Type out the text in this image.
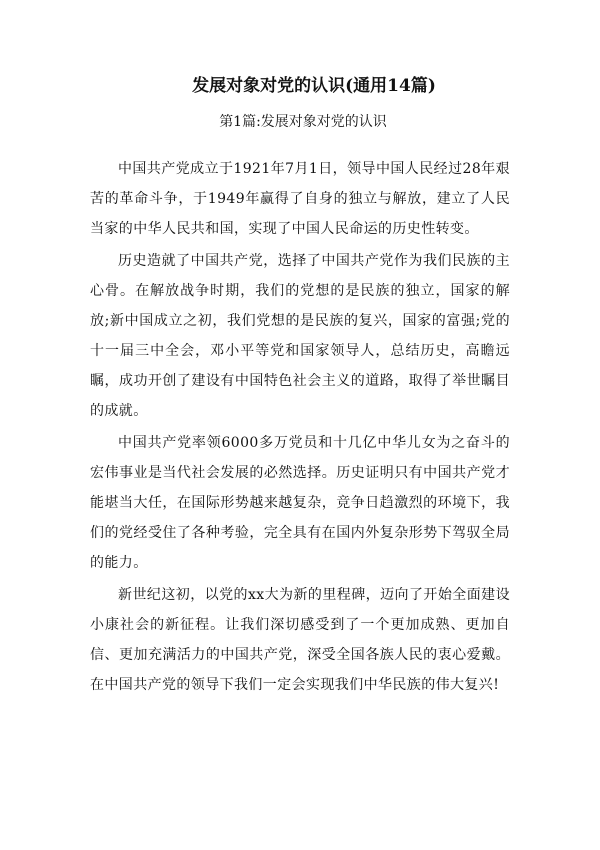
发展对象对党的认识(通用14篇)
第1篇:发展对象对党的认识

中国共产党成立于1921年7月1日，领导中国人民经过28年艰苦的革命斗争，于1949年赢得了自身的独立与解放，建立了人民当家的中华人民共和国，实现了中国人民命运的历史性转变。

历史造就了中国共产党，选择了中国共产党作为我们民族的主心骨。在解放战争时期，我们的党想的是民族的独立，国家的解放;新中国成立之初，我们党想的是民族的复兴，国家的富强;党的十一届三中全会，邓小平等党和国家领导人，总结历史，高瞻远瞩，成功开创了建设有中国特色社会主义的道路，取得了举世瞩目的成就。

中国共产党率领6000多万党员和十几亿中华儿女为之奋斗的宏伟事业是当代社会发展的必然选择。历史证明只有中国共产党才能堪当大任，在国际形势越来越复杂，竞争日趋激烈的环境下，我们的党经受住了各种考验，完全具有在国内外复杂形势下驾驭全局的能力。

新世纪这初，以党的xx大为新的里程碑，迈向了开始全面建设小康社会的新征程。让我们深切感受到了一个更加成熟、更加自信、更加充满活力的中国共产党，深受全国各族人民的衷心爱戴。在中国共产党的领导下我们一定会实现我们中华民族的伟大复兴!
